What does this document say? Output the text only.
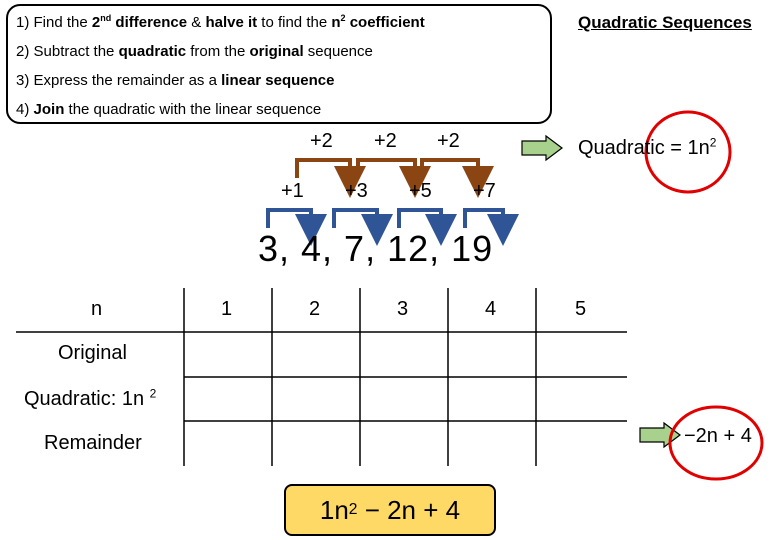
1) Find the 2nd difference & halve it to find the $n^2$ coefficient
2) Subtract the quadratic from the original sequence
3) Express the remainder as a linear sequence
4) Join the quadratic with the linear sequence
Quadratic Sequences
+2 +2 +2
+1 +3 +5 +7
3, 4, 7, 12, 19
Quadratic = $1n^2$
n	1	2	3	4	5
Original
Quadratic: 1n $^2$
Remainder	−2n + 4
1n 2 − 2n + 4
